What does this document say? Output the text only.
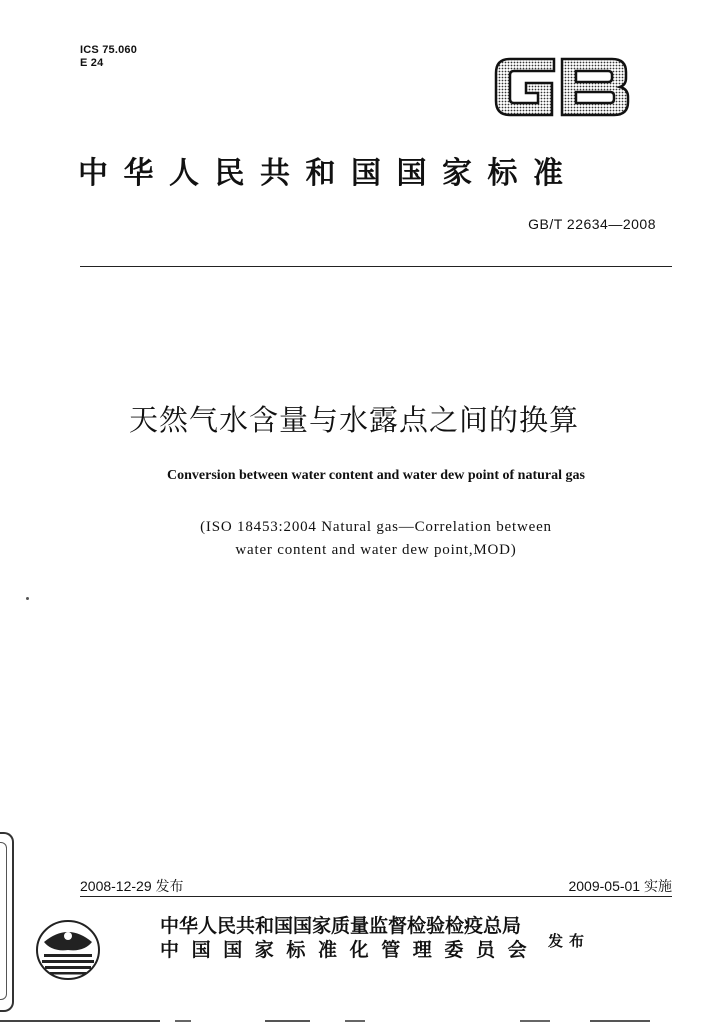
ICS 75.060
E 24
中华人民共和国国家标准
GB/T 22634—2008
天然气水含量与水露点之间的换算
Conversion between water content and water dew point of natural gas
(ISO 18453:2004 Natural gas—Correlation between
water content and water dew point,MOD)
2008-12-29 发布	2009-05-01 实施
中华人民共和国国家质量监督检验检疫总局
中国国家标准化管理委员会 发布
